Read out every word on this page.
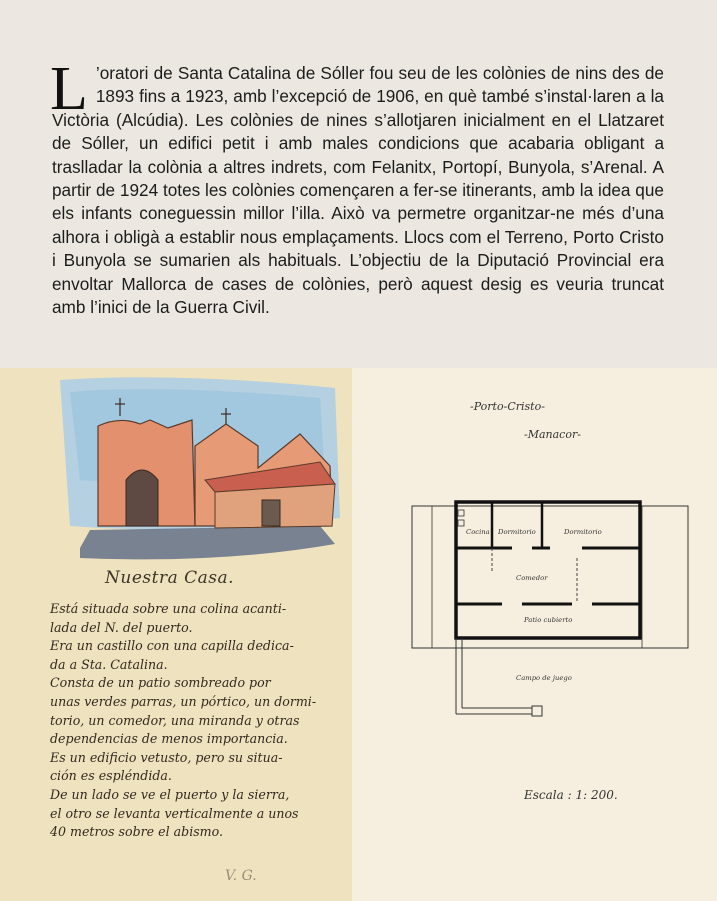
L ’oratori de Santa Catalina de Sóller fou seu de les colònies de nins des de 1893 fins a 1923, amb l’excepció de 1906, en què també s’instal·laren a la Victòria (Alcúdia). Les colònies de nines s’allotjaren inicialment en el Llatzaret de Sóller, un edifici petit i amb males condicions que acabaria obligant a traslladar la colònia a altres indrets, com Felanitx, Portopí, Bunyola, s’Arenal. A partir de 1924 totes les colònies començaren a fer-se itinerants, amb la idea que els infants coneguessin millor l’illa. Això va permetre organitzar-ne més d’una alhora i obligà a establir nous emplaçaments. Llocs com el Terreno, Porto Cristo i Bunyola se sumarien als habituals. L’objectiu de la Diputació Provincial era envoltar Mallorca de cases de colònies, però aquest desig es veuria truncat amb l’inici de la Guerra Civil.
Nuestra Casa.
Está situada sobre una colina acanti-
lada del N. del puerto.
Era un castillo con una capilla dedica-
da a Sta. Catalina.
Consta de un patio sombreado por
unas verdes parras, un pórtico, un dormi-
torio, un comedor, una miranda y otras
dependencias de menos importancia.
Es un edificio vetusto, pero su situa-
ción es espléndida.
De un lado se ve el puerto y la sierra,
el otro se levanta verticalmente a unos
40 metros sobre el abismo.
V. G.
-Porto-Cristo-
-Manacor-
Cocina Dormitorio	Dormitorio
Comedor
Patio cubierto
Campo de juego
Escala : 1: 200.
